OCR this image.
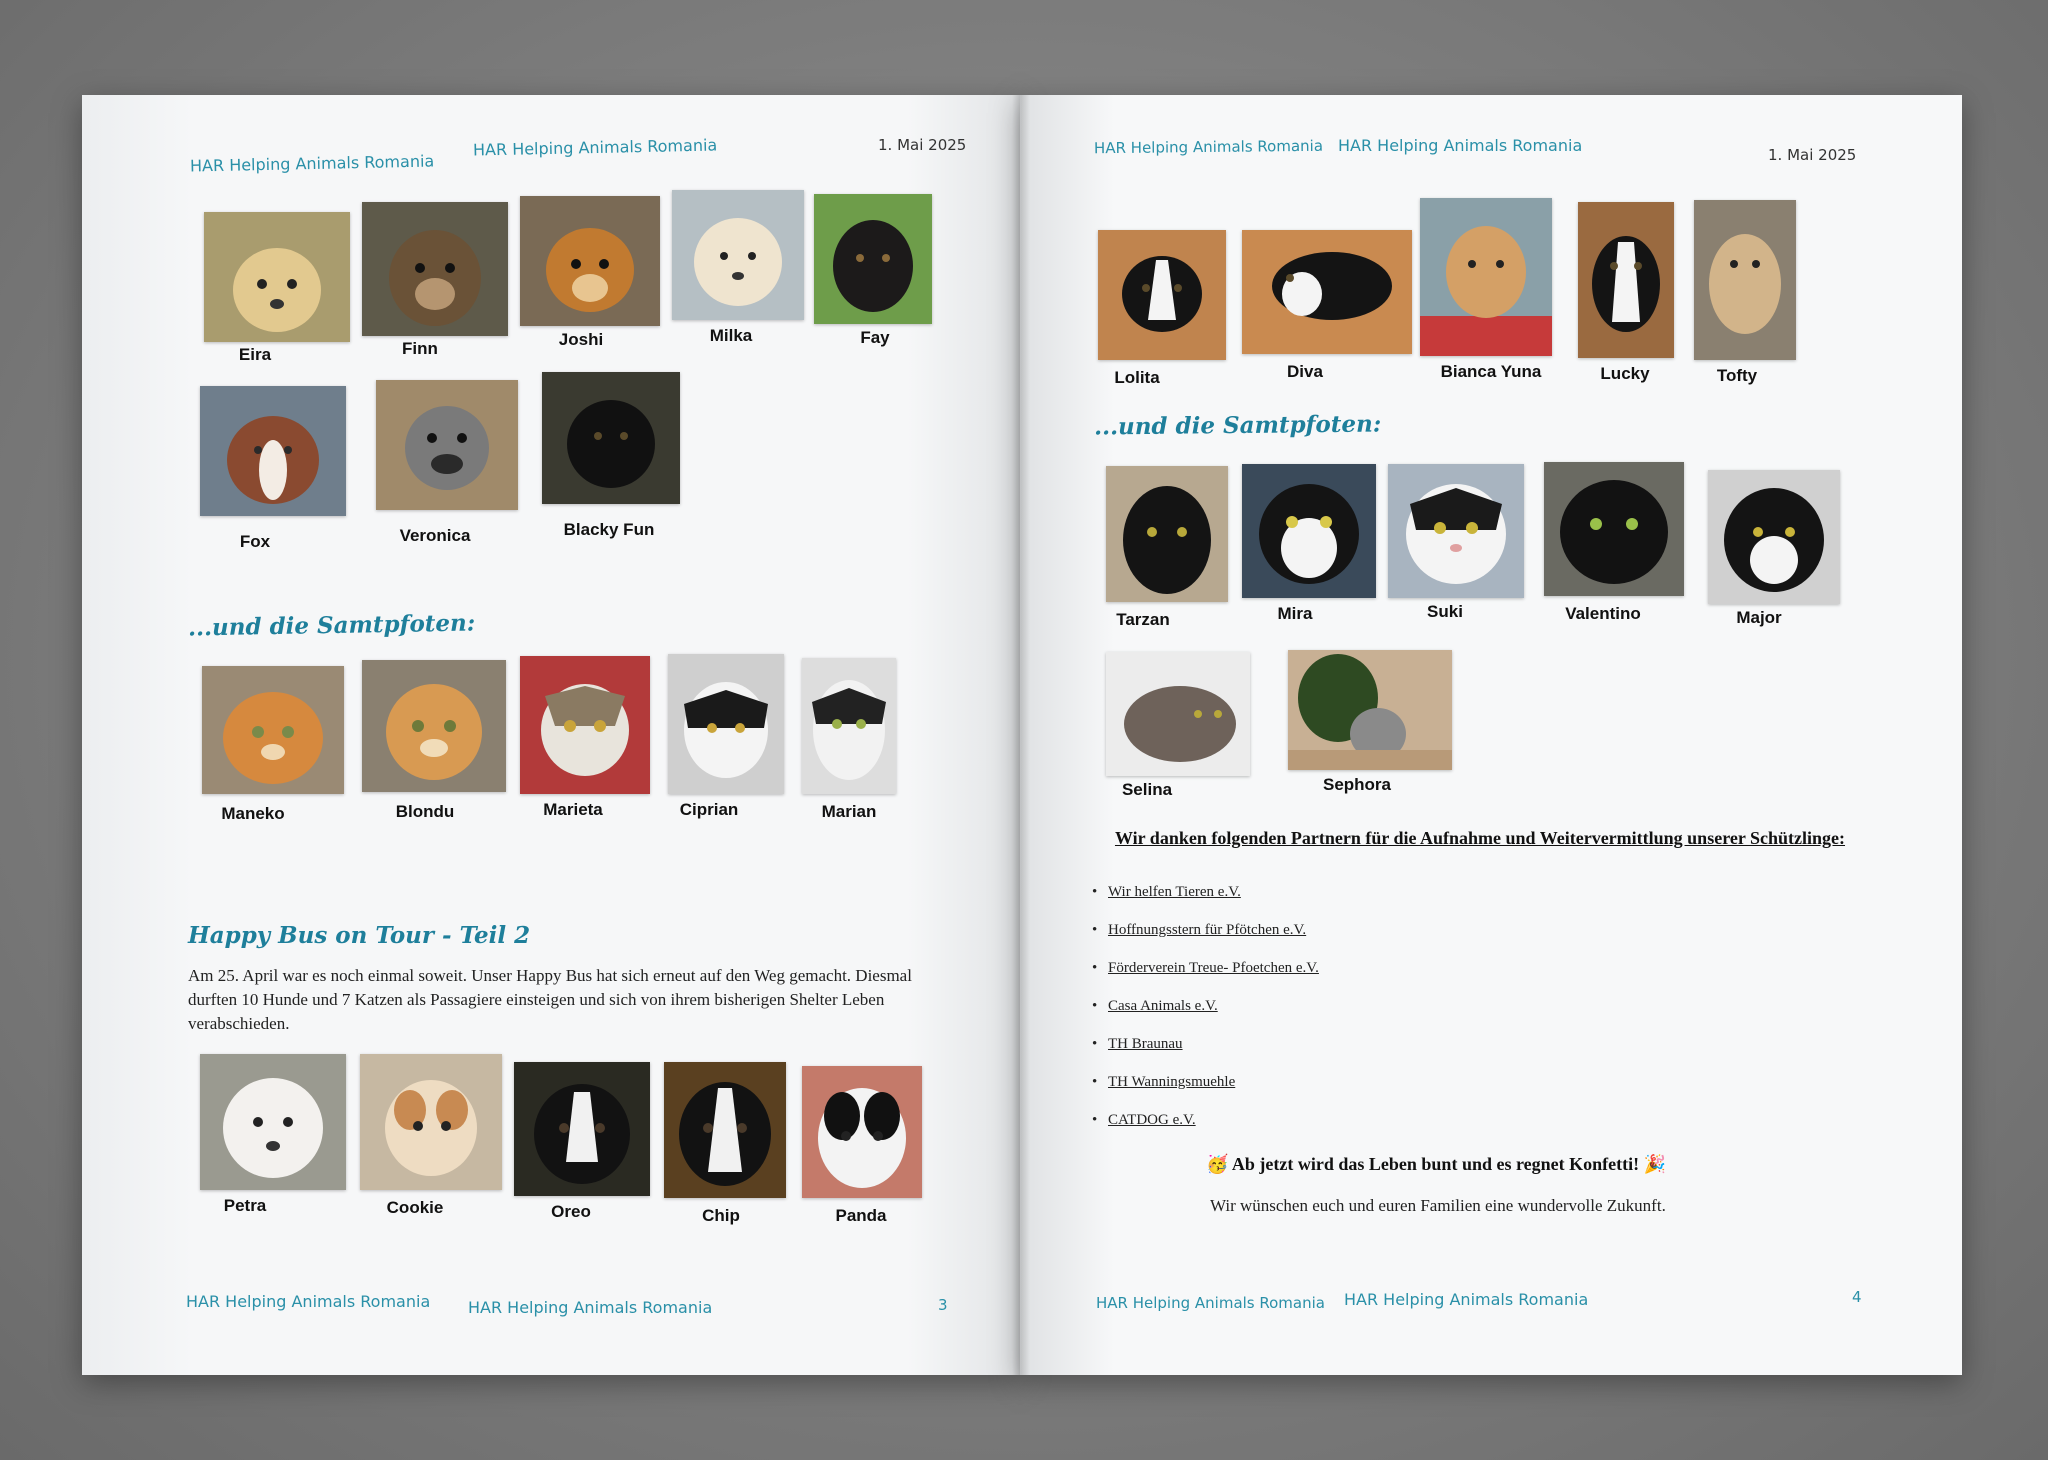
HAR Helping Animals Romania
HAR Helping Animals Romania	1. Mai 2025
Eira	Finn	Joshi	Milka	Fay
Fox	Veronica	Blacky Fun
...und die Samtpfoten:
Maneko	Blondu	Marieta	Ciprian	Marian
Happy Bus on Tour - Teil 2
Am 25. April war es noch einmal soweit. Unser Happy Bus hat sich erneut auf den Weg gemacht. Diesmal durften 10 Hunde und 7 Katzen als Passagiere einsteigen und sich von ihrem bisherigen Shelter Leben verabschieden.
Petra	Cookie	Oreo	Chip	Panda
HAR Helping Animals Romania HAR Helping Animals Romania	3
HAR Helping Animals Romania HAR Helping Animals Romania	1. Mai 2025
Lolita	Diva	Bianca Yuna	Lucky	Tofty
...und die Samtpfoten:
Tarzan	Mira	Suki	Valentino	Major
Selina	Sephora
Wir danken folgenden Partnern für die Aufnahme und Weitervermittlung unserer Schützlinge:
• Wir helfen Tieren e.V.
• Hoffnungsstern für Pfötchen e.V.
• Förderverein Treue- Pfoetchen e.V.
• Casa Animals e.V.
• TH Braunau
• TH Wanningsmuehle
• CATDOG e.V.
🥳 Ab jetzt wird das Leben bunt und es regnet Konfetti! 🎉
Wir wünschen euch und euren Familien eine wundervolle Zukunft.
HAR Helping Animals Romania HAR Helping Animals Romania	4
